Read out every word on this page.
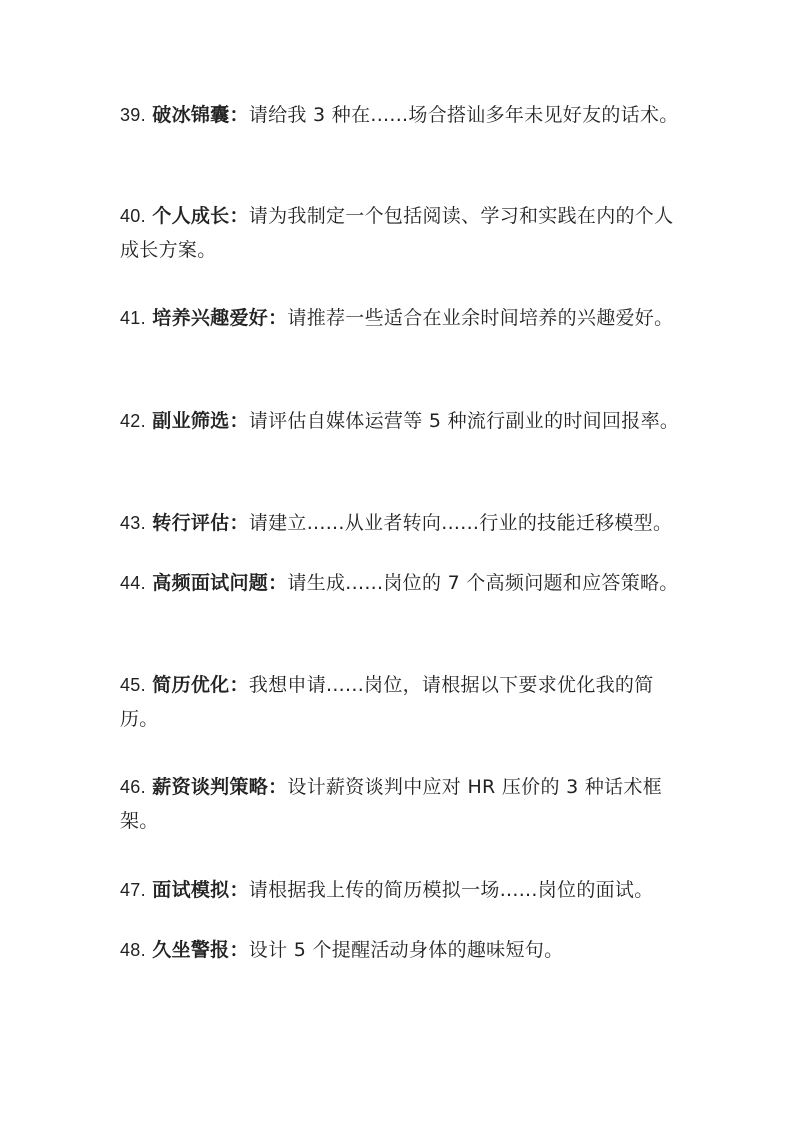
39. 破冰锦囊：请给我 3 种在......场合搭讪多年未见好友的话术。

40. 个人成长：请为我制定一个包括阅读、学习和实践在内的个人成长方案。

41. 培养兴趣爱好：请推荐一些适合在业余时间培养的兴趣爱好。

42. 副业筛选：请评估自媒体运营等 5 种流行副业的时间回报率。

43. 转行评估：请建立......从业者转向......行业的技能迁移模型。

44. 高频面试问题：请生成......岗位的 7 个高频问题和应答策略。

45. 简历优化：我想申请......岗位，请根据以下要求优化我的简历。

46. 薪资谈判策略：设计薪资谈判中应对 HR 压价的 3 种话术框架。

47. 面试模拟：请根据我上传的简历模拟一场......岗位的面试。

48. 久坐警报：设计 5 个提醒活动身体的趣味短句。
